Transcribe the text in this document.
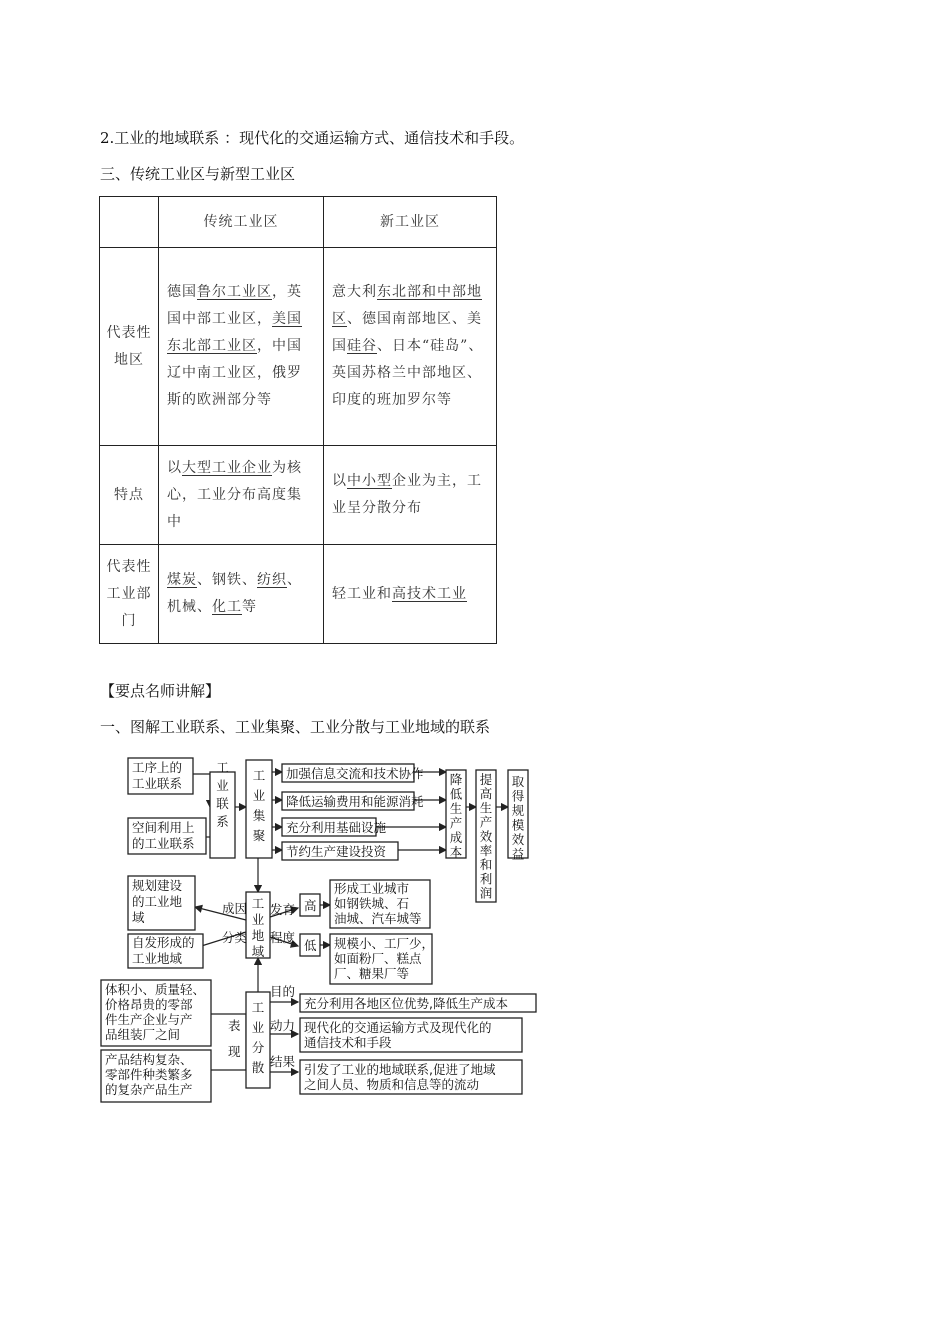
2.工业的地域联系 ：现代化的交通运输方式、通信技术和手段。
三、传统工业区与新型工业区
	传统工业区	新工业区
代表性地区	德国鲁尔工业区，英国中部工业区，美国东北部工业区，中国辽中南工业区，俄罗斯的欧洲部分等	意大利东北部和中部地区、德国南部地区、美国硅谷、日本“硅岛”、英国苏格兰中部地区、印度的班加罗尔等
特点	以大型工业企业为核心，工业分布高度集中	以中小型企业为主，工业呈分散分布
代表性工业部门	煤炭、钢铁、纺织、机械、化工等	轻工业和高技术工业
【要点名师讲解】
一、图解工业联系、工业集聚、工业分散与工业地域的联系
工序上的
工业联系
空间利用上
的工业联系
规划建设
的工业地
域
自发形成的
工业地域
工业联系
工业集聚
工业地域
工业分散
加强信息交流和技术协作
降低运输费用和能源消耗
充分利用基础设施
节约生产建设投资
降低生产成本
提高生产效率和利润
取得规模效益
成因
分类
发育
程度
高
低
形成工业城市
如钢铁城、石
油城、汽车城等
规模小、工厂少，
如面粉厂、糕点
厂、糖果厂等
体积小、质量轻、
价格昂贵的零部
件生产企业与产
品组装厂之间
产品结构复杂、
零部件种类繁多
的复杂产品生产
表
现
目的
动力
结果
充分利用各地区位优势,降低生产成本
现代化的交通运输方式及现代化的
通信技术和手段
引发了工业的地域联系,促进了地域
之间人员、物质和信息等的流动
